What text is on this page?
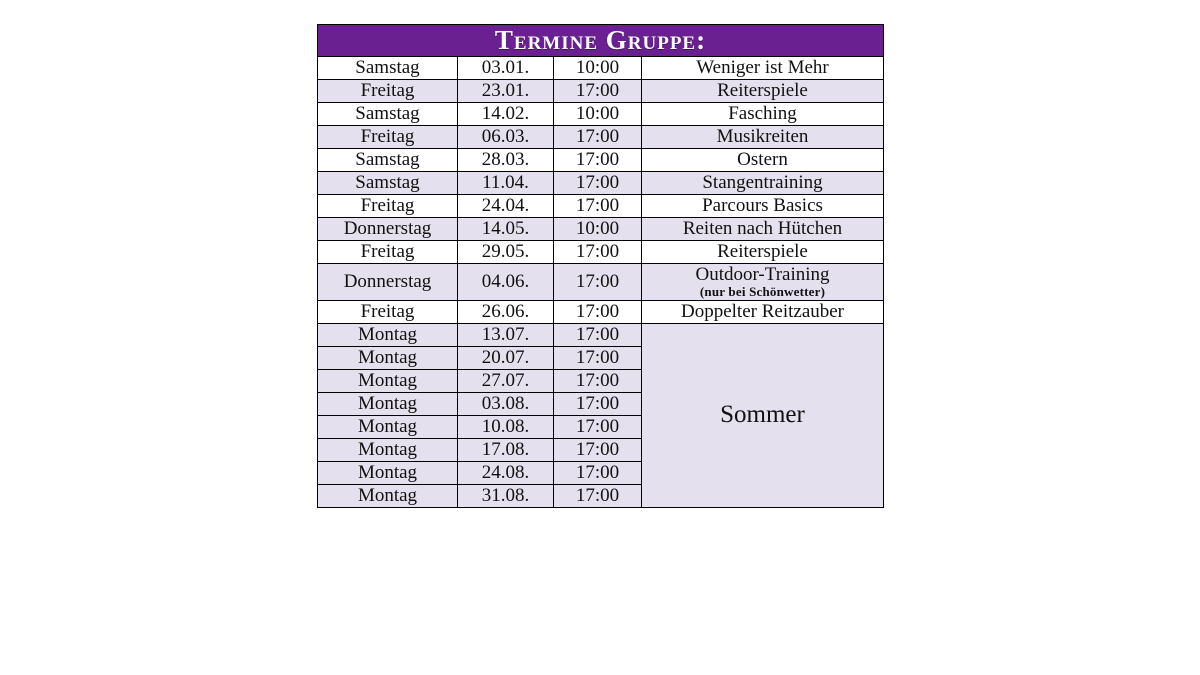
Termine Gruppe:			
Samstag	03.01.	10:00	Weniger ist Mehr
Freitag	23.01.	17:00	Reiterspiele
Samstag	14.02.	10:00	Fasching
Freitag	06.03.	17:00	Musikreiten
Samstag	28.03.	17:00	Ostern
Samstag	11.04.	17:00	Stangentraining
Freitag	24.04.	17:00	Parcours Basics
Donnerstag	14.05.	10:00	Reiten nach Hütchen
Freitag	29.05.	17:00	Reiterspiele
Donnerstag	04.06.	17:00	Outdoor-Training
(nur bei Schönwetter)

Freitag	26.06.	17:00	Doppelter Reitzauber
Montag	13.07.	17:00	Sommer
Montag	20.07.	17:00	
Montag	27.07.	17:00	
Montag	03.08.	17:00	
Montag	10.08.	17:00	
Montag	17.08.	17:00	
Montag	24.08.	17:00	
Montag	31.08.	17:00	
